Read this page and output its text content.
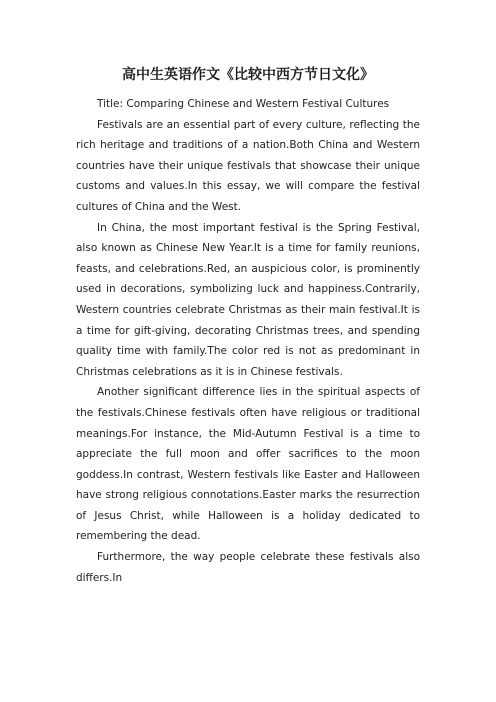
高中生英语作文《比较中西方节日文化》

Title: Comparing Chinese and Western Festival Cultures

Festivals are an essential part of every culture, reflecting the rich heritage and traditions of a nation.Both China and Western countries have their unique festivals that showcase their unique customs and values.In this essay, we will compare the festival cultures of China and the West.

In China, the most important festival is the Spring Festival, also known as Chinese New Year.It is a time for family reunions, feasts, and celebrations.Red, an auspicious color, is prominently used in decorations, symbolizing luck and happiness.Contrarily, Western countries celebrate Christmas as their main festival.It is a time for gift-giving, decorating Christmas trees, and spending quality time with family.The color red is not as predominant in Christmas celebrations as it is in Chinese festivals.

Another significant difference lies in the spiritual aspects of the festivals.Chinese festivals often have religious or traditional meanings.For instance, the Mid-Autumn Festival is a time to appreciate the full moon and offer sacrifices to the moon goddess.In contrast, Western festivals like Easter and Halloween have strong religious connotations.Easter marks the resurrection of Jesus Christ, while Halloween is a holiday dedicated to remembering the dead.

Furthermore, the way people celebrate these festivals also differs.In
